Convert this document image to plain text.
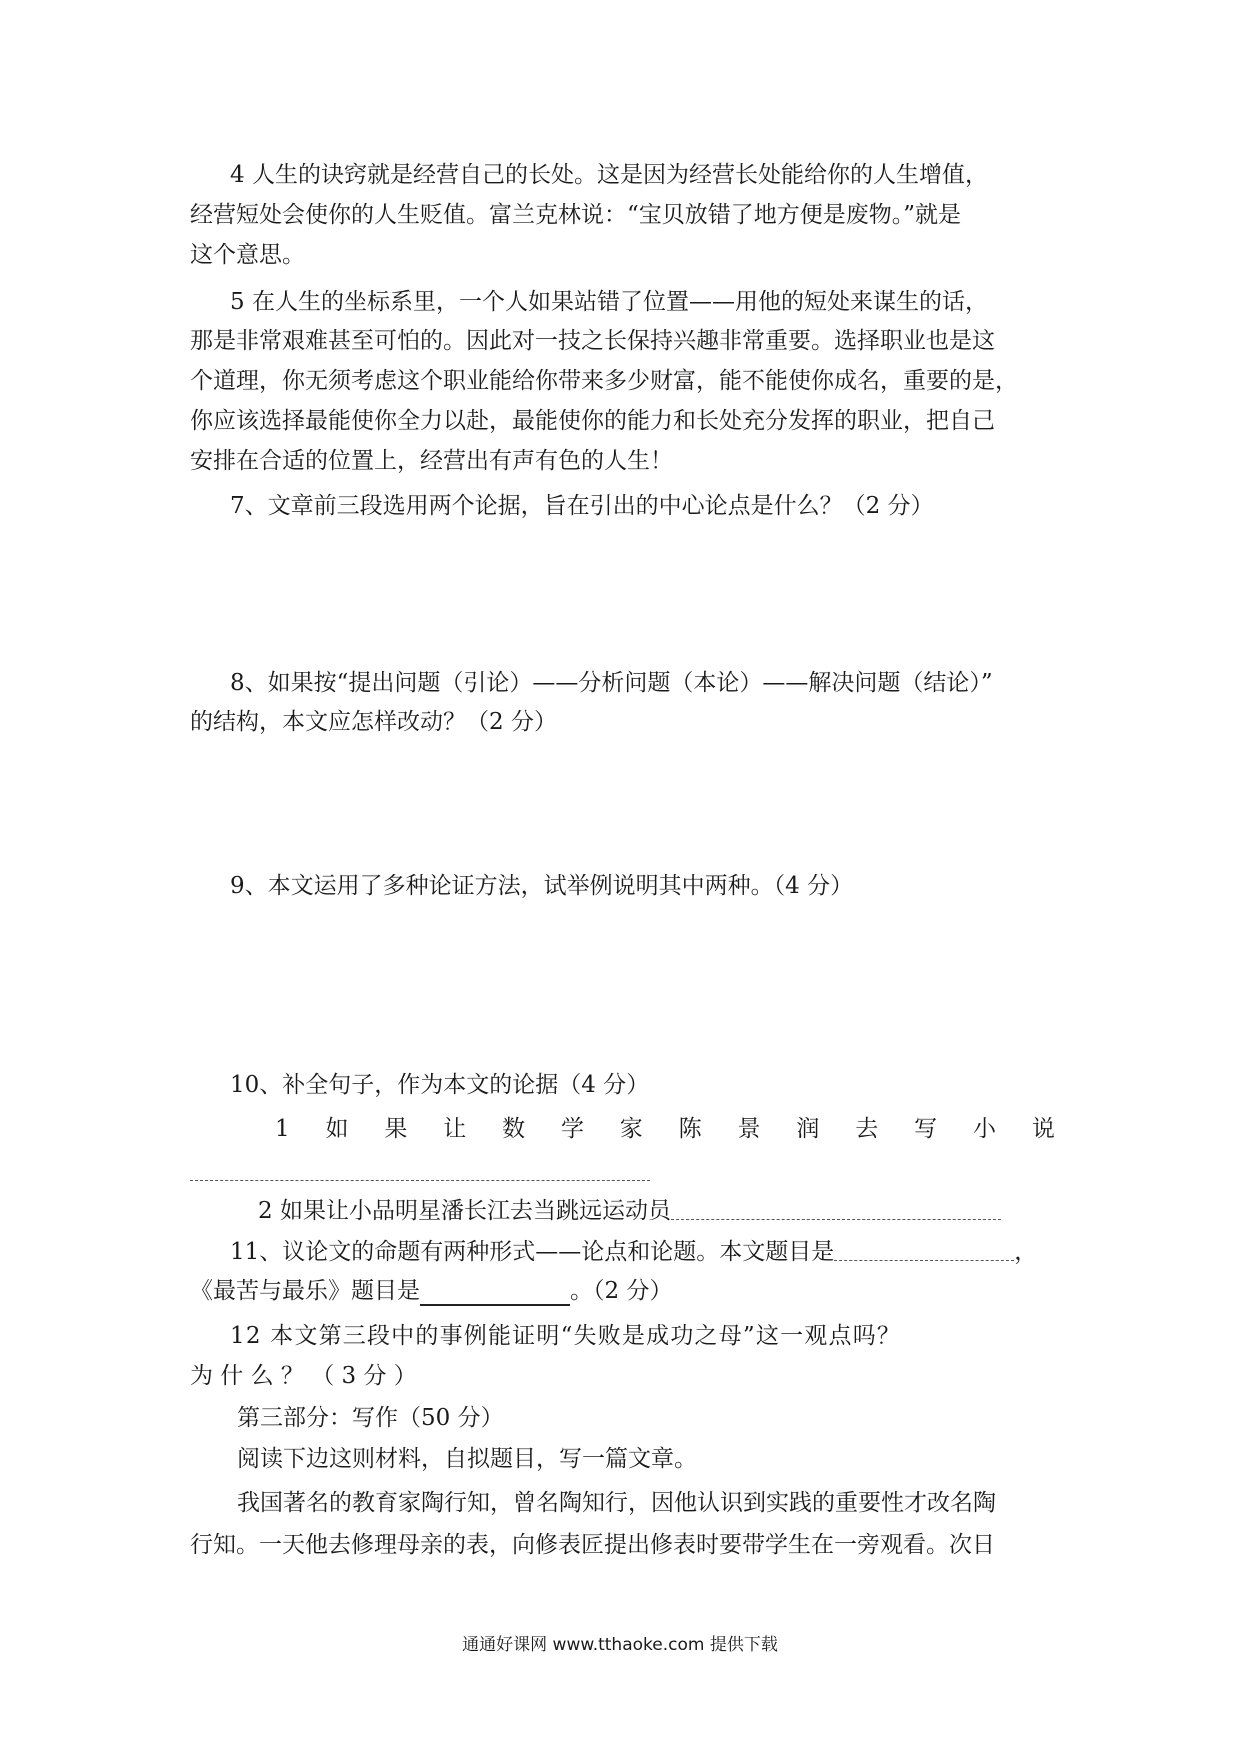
4 人生的诀窍就是经营自己的长处。这是因为经营长处能给你的人生增值，
经营短处会使你的人生贬值。富兰克林说：“宝贝放错了地方便是废物。”就是
这个意思。
5 在人生的坐标系里，一个人如果站错了位置——用他的短处来谋生的话，
那是非常艰难甚至可怕的。因此对一技之长保持兴趣非常重要。选择职业也是这
个道理，你无须考虑这个职业能给你带来多少财富，能不能使你成名，重要的是，
你应该选择最能使你全力以赴，最能使你的能力和长处充分发挥的职业，把自己
安排在合适的位置上，经营出有声有色的人生！
7、文章前三段选用两个论据，旨在引出的中心论点是什么？（2 分）
8、如果按“提出问题（引论）——分析问题（本论）——解决问题（结论）”
的结构，本文应怎样改动？（2 分）
9、本文运用了多种论证方法，试举例说明其中两种。（4 分）
10、补全句子，作为本文的论据（4 分）
1 如 果 让 数 学 家 陈 景 润 去 写 小 说
2 如果让小品明星潘长江去当跳远运动员
11、议论文的命题有两种形式——论点和论题。本文题目是	，
《最苦与最乐》题目是	。（2 分）
12 本文第三段中的事例能证明“失败是成功之母”这一观点吗？
为 什 么 ？ （ 3 分 ）
第三部分：写作（50 分）
阅读下边这则材料，自拟题目，写一篇文章。
我国著名的教育家陶行知，曾名陶知行，因他认识到实践的重要性才改名陶
行知。一天他去修理母亲的表，向修表匠提出修表时要带学生在一旁观看。次日
通通好课网 www.tthaoke.com 提供下载
